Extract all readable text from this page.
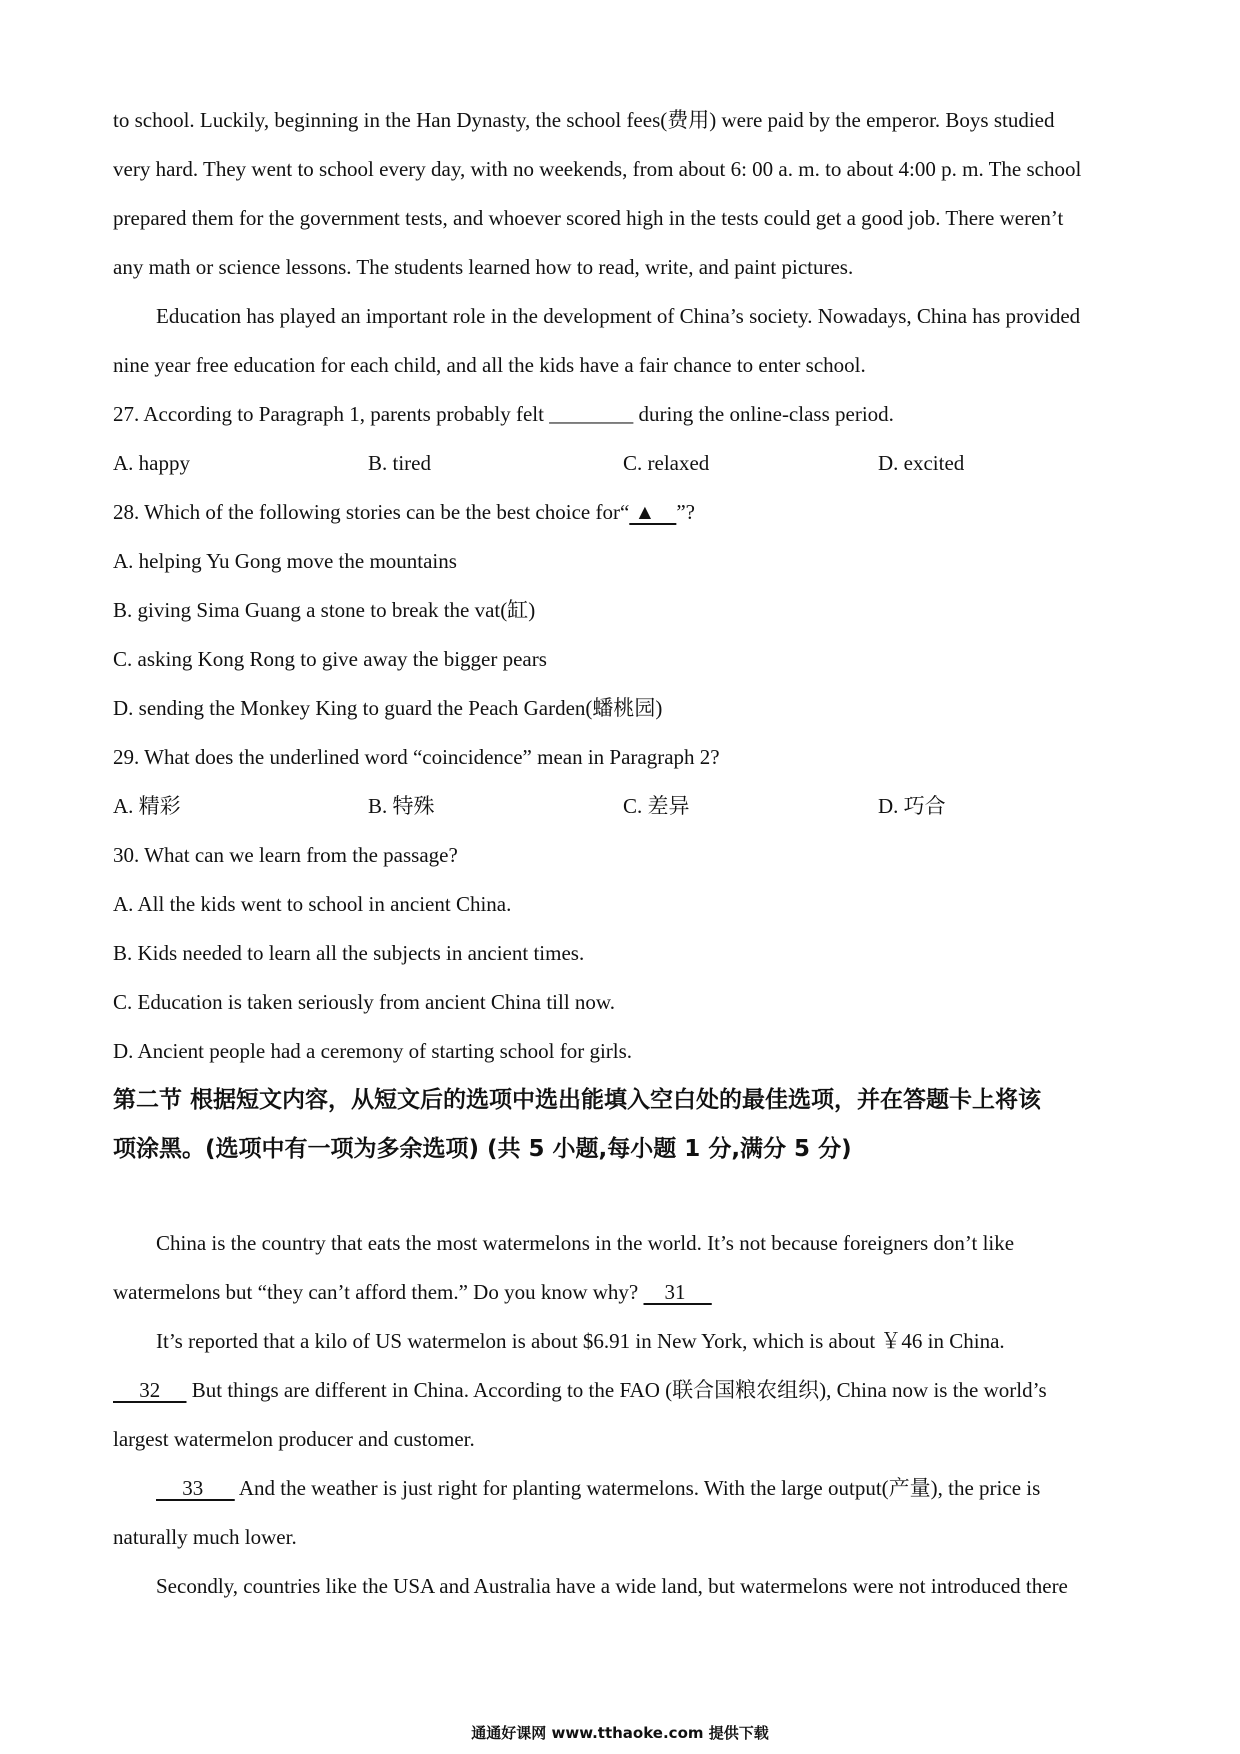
to school. Luckily, beginning in the Han Dynasty, the school fees(费用) were paid by the emperor. Boys studied
very hard. They went to school every day, with no weekends, from about 6: 00 a. m. to about 4:00 p. m. The school
prepared them for the government tests, and whoever scored high in the tests could get a good job. There weren’t
any math or science lessons. The students learned how to read, write, and paint pictures.
Education has played an important role in the development of China’s society. Nowadays, China has provided
nine year free education for each child, and all the kids have a fair chance to enter school.
27. According to Paragraph 1, parents probably felt ________ during the online-class period.
A. happy	B. tired	C. relaxed	D. excited
28. Which of the following stories can be the best choice for“ ▲    ”?
A. helping Yu Gong move the mountains
B. giving Sima Guang a stone to break the vat(缸)
C. asking Kong Rong to give away the bigger pears
D. sending the Monkey King to guard the Peach Garden(蟠桃园)
29. What does the underlined word “coincidence” mean in Paragraph 2?
A. 精彩	B. 特殊	C. 差异	D. 巧合
30. What can we learn from the passage?
A. All the kids went to school in ancient China.
B. Kids needed to learn all the subjects in ancient times.
C. Education is taken seriously from ancient China till now.
D. Ancient people had a ceremony of starting school for girls.
第二节 根据短文内容，从短文后的选项中选出能填入空白处的最佳选项，并在答题卡上将该
项涂黑。(选项中有一项为多余选项) (共 5 小题,每小题 1 分,满分 5 分)
China is the country that eats the most watermelons in the world. It’s not because foreigners don’t like
watermelons but “they can’t afford them.” Do you know why?     31
It’s reported that a kilo of US watermelon is about $6.91 in New York, which is about ￥46 in China.
32      But things are different in China. According to the FAO (联合国粮农组织), China now is the world’s
largest watermelon producer and customer.
33       And the weather is just right for planting watermelons. With the large output(产量), the price is
naturally much lower.
Secondly, countries like the USA and Australia have a wide land, but watermelons were not introduced there
通通好课网 www.tthaoke.com 提供下载
